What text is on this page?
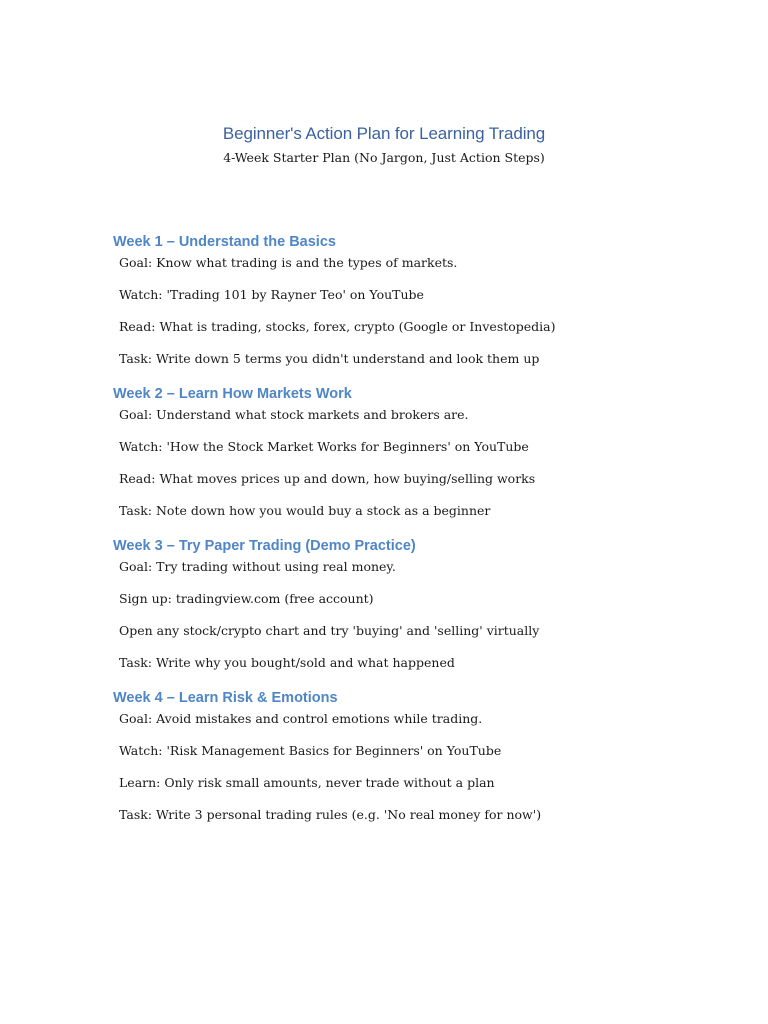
Beginner's Action Plan for Learning Trading

4-Week Starter Plan (No Jargon, Just Action Steps)

Week 1 – Understand the Basics
Goal: Know what trading is and the types of markets.
Watch: 'Trading 101 by Rayner Teo' on YouTube
Read: What is trading, stocks, forex, crypto (Google or Investopedia)
Task: Write down 5 terms you didn't understand and look them up
Week 2 – Learn How Markets Work
Goal: Understand what stock markets and brokers are.
Watch: 'How the Stock Market Works for Beginners' on YouTube
Read: What moves prices up and down, how buying/selling works
Task: Note down how you would buy a stock as a beginner
Week 3 – Try Paper Trading (Demo Practice)
Goal: Try trading without using real money.
Sign up: tradingview.com (free account)
Open any stock/crypto chart and try 'buying' and 'selling' virtually
Task: Write why you bought/sold and what happened
Week 4 – Learn Risk & Emotions
Goal: Avoid mistakes and control emotions while trading.
Watch: 'Risk Management Basics for Beginners' on YouTube
Learn: Only risk small amounts, never trade without a plan
Task: Write 3 personal trading rules (e.g. 'No real money for now')
